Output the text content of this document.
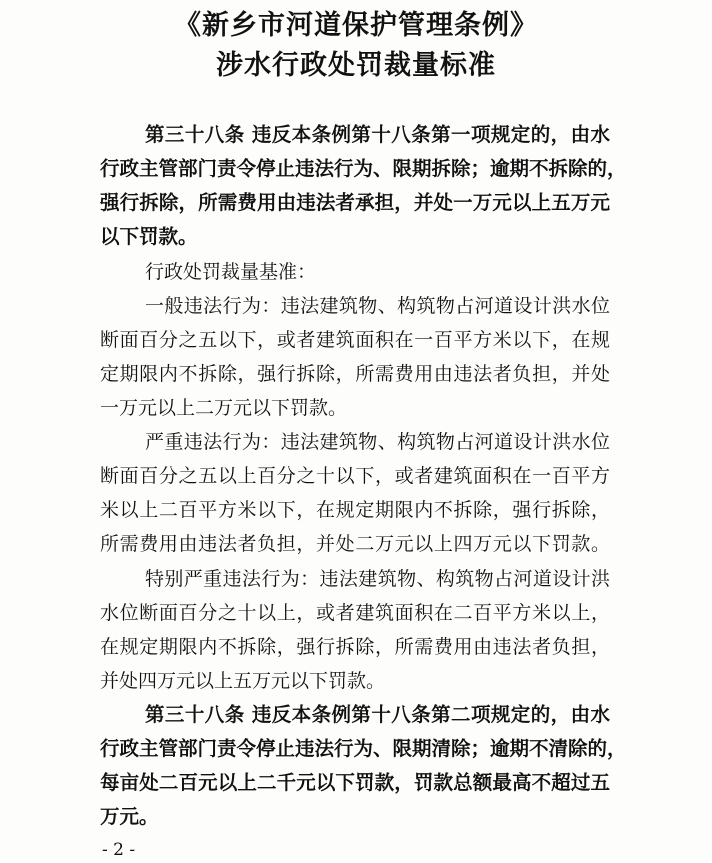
《新乡市河道保护管理条例》
涉水行政处罚裁量标准
第三十八条 违反本条例第十八条第一项规定的，由水
行政主管部门责令停止违法行为、限期拆除；逾期不拆除的，
强行拆除，所需费用由违法者承担，并处一万元以上五万元
以下罚款。
行政处罚裁量基准：
一般违法行为：违法建筑物、构筑物占河道设计洪水位
断面百分之五以下，或者建筑面积在一百平方米以下，在规
定期限内不拆除，强行拆除，所需费用由违法者负担，并处
一万元以上二万元以下罚款。
严重违法行为：违法建筑物、构筑物占河道设计洪水位
断面百分之五以上百分之十以下，或者建筑面积在一百平方
米以上二百平方米以下，在规定期限内不拆除，强行拆除，
所需费用由违法者负担，并处二万元以上四万元以下罚款。
特别严重违法行为：违法建筑物、构筑物占河道设计洪
水位断面百分之十以上，或者建筑面积在二百平方米以上，
在规定期限内不拆除，强行拆除，所需费用由违法者负担，
并处四万元以上五万元以下罚款。
第三十八条 违反本条例第十八条第二项规定的，由水
行政主管部门责令停止违法行为、限期清除；逾期不清除的，
每亩处二百元以上二千元以下罚款，罚款总额最高不超过五
万元。
- 2 -
